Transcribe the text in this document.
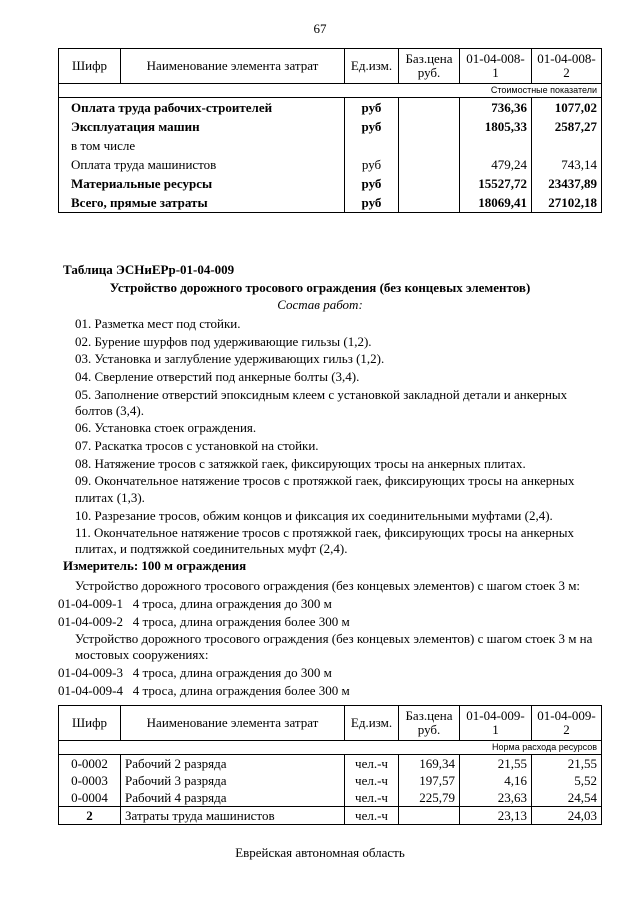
67
Шифр	Наименование элемента затрат	Ед.изм.	Баз.цена руб.	01-04-008-1	01-04-008-2
Стоимостные показатели					
Оплата труда рабочих-строителей		руб		736,36	1077,02
Эксплуатация машин		руб		1805,33	2587,27
в том числе					
Оплата труда машинистов		руб		479,24	743,14
Материальные ресурсы		руб		15527,72	23437,89
Всего, прямые затраты		руб		18069,41	27102,18
Таблица ЭСНиЕРр-01-04-009
Устройство дорожного тросового ограждения (без концевых элементов)
Состав работ:
01. Разметка мест под стойки.
02. Бурение шурфов под удерживающие гильзы (1,2).
03. Установка и заглубление удерживающих гильз (1,2).
04. Сверление отверстий под анкерные болты (3,4).
05. Заполнение отверстий эпоксидным клеем с установкой закладной детали и анкерных
болтов (3,4).
06. Установка стоек ограждения.
07. Раскатка тросов с установкой на стойки.
08. Натяжение тросов с затяжкой гаек, фиксирующих тросы на анкерных плитах.
09. Окончательное натяжение тросов с протяжкой гаек, фиксирующих тросы на анкерных
плитах (1,3).
10. Разрезание тросов, обжим концов и фиксация их соединительными муфтами (2,4).
11. Окончательное натяжение тросов с протяжкой гаек, фиксирующих тросы на анкерных
плитах, и подтяжкой соединительных муфт (2,4).
Измеритель: 100 м ограждения
Устройство дорожного тросового ограждения (без концевых элементов) с шагом стоек 3 м:
01-04-009-1 4 троса, длина ограждения до 300 м
01-04-009-2 4 троса, длина ограждения более 300 м
Устройство дорожного тросового ограждения (без концевых элементов) с шагом стоек 3 м на
мостовых сооружениях:
01-04-009-3 4 троса, длина ограждения до 300 м
01-04-009-4 4 троса, длина ограждения более 300 м
Шифр	Наименование элемента затрат	Ед.изм.	Баз.цена руб.	01-04-009-1	01-04-009-2
Норма расхода ресурсов					
0-0002	Рабочий 2 разряда	чел.-ч	169,34	21,55	21,55
0-0003	Рабочий 3 разряда	чел.-ч	197,57	4,16	5,52
0-0004	Рабочий 4 разряда	чел.-ч	225,79	23,63	24,54
2	Затраты труда машинистов	чел.-ч		23,13	24,03
Еврейская автономная область
